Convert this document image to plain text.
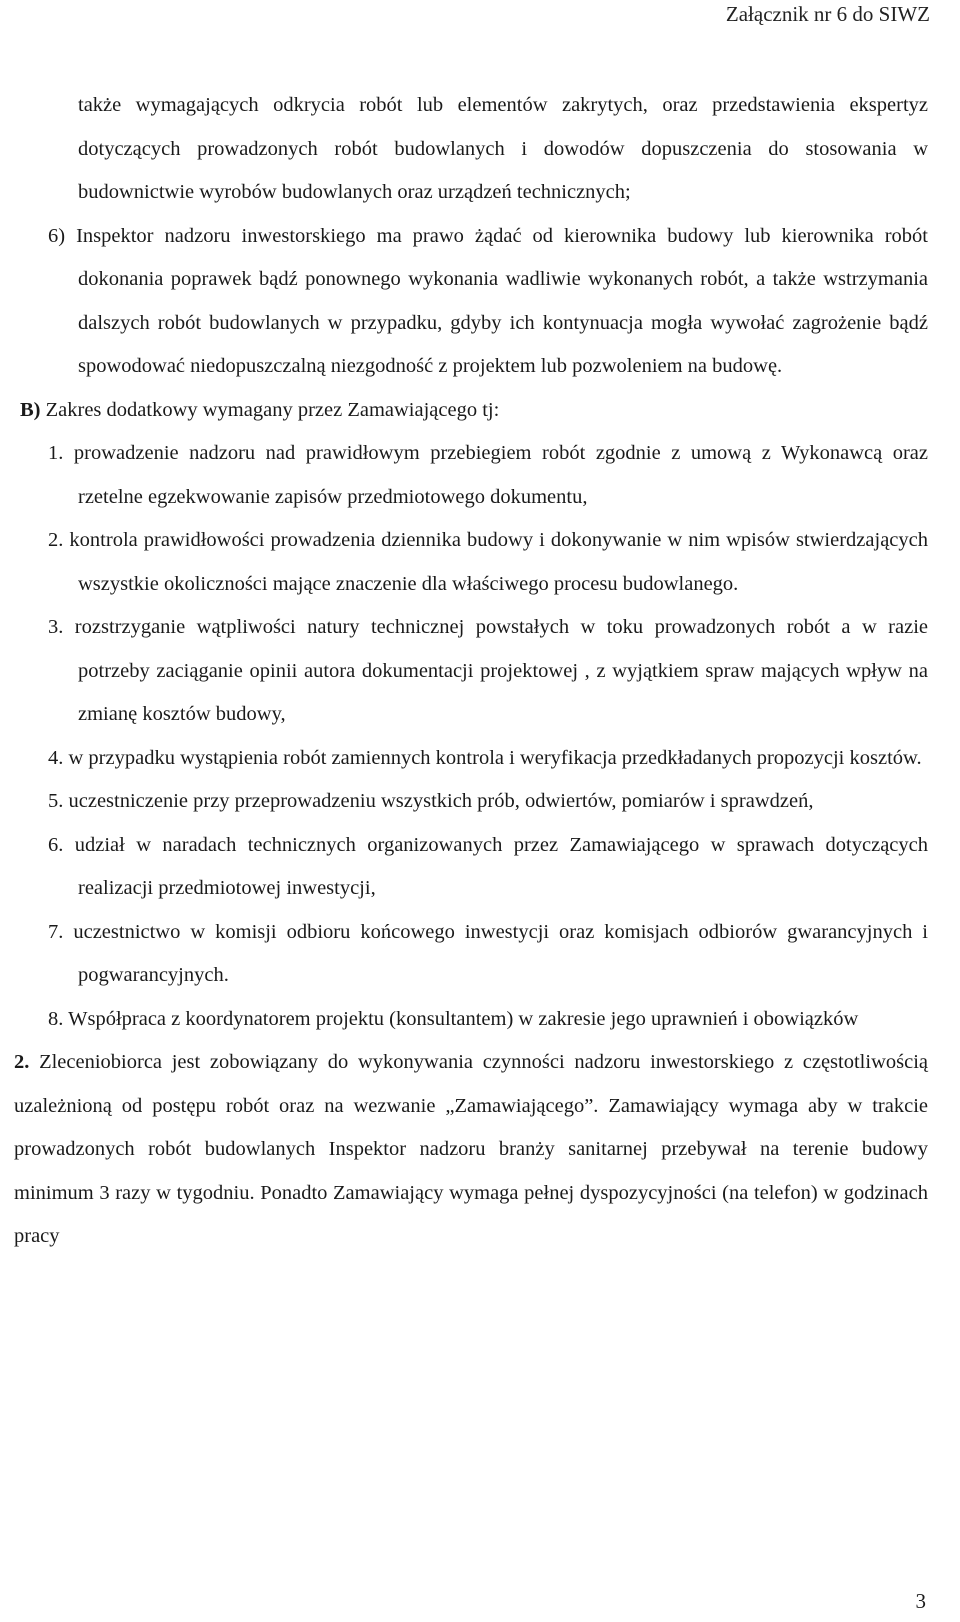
Załącznik nr 6 do SIWZ

także wymagających odkrycia robót lub elementów zakrytych, oraz przedstawienia ekspertyz dotyczących prowadzonych robót budowlanych i dowodów dopuszczenia do stosowania w budownictwie wyrobów budowlanych oraz urządzeń technicznych;

6) Inspektor nadzoru inwestorskiego ma prawo żądać od kierownika budowy lub kierownika robót dokonania poprawek bądź ponownego wykonania wadliwie wykonanych robót, a także wstrzymania dalszych robót budowlanych w przypadku, gdyby ich kontynuacja mogła wywołać zagrożenie bądź spowodować niedopuszczalną niezgodność z projektem lub pozwoleniem na budowę.

B) Zakres dodatkowy wymagany przez Zamawiającego tj:

1. prowadzenie nadzoru nad prawidłowym przebiegiem robót zgodnie z umową z Wykonawcą oraz rzetelne egzekwowanie zapisów przedmiotowego dokumentu,

2. kontrola prawidłowości prowadzenia dziennika budowy i dokonywanie w nim wpisów stwierdzających wszystkie okoliczności mające znaczenie dla właściwego procesu budowlanego.

3. rozstrzyganie wątpliwości natury technicznej powstałych w toku prowadzonych robót a w razie potrzeby zaciąganie opinii autora dokumentacji projektowej , z wyjątkiem spraw mających wpływ na zmianę kosztów budowy,

4. w przypadku wystąpienia robót zamiennych kontrola i weryfikacja przedkładanych propozycji kosztów.

5. uczestniczenie przy przeprowadzeniu wszystkich prób, odwiertów, pomiarów i sprawdzeń,

6. udział w naradach technicznych organizowanych przez Zamawiającego w sprawach dotyczących realizacji przedmiotowej inwestycji,

7. uczestnictwo w komisji odbioru końcowego inwestycji oraz komisjach odbiorów gwarancyjnych i pogwarancyjnych.

8. Współpraca z koordynatorem projektu (konsultantem) w zakresie jego uprawnień i obowiązków

2. Zleceniobiorca jest zobowiązany do wykonywania czynności nadzoru inwestorskiego z częstotliwością uzależnioną od postępu robót oraz na wezwanie „Zamawiającego”. Zamawiający wymaga aby w trakcie prowadzonych robót budowlanych Inspektor nadzoru branży sanitarnej przebywał na terenie budowy minimum 3 razy w tygodniu. Ponadto Zamawiający wymaga pełnej dyspozycyjności (na telefon) w godzinach pracy

3
